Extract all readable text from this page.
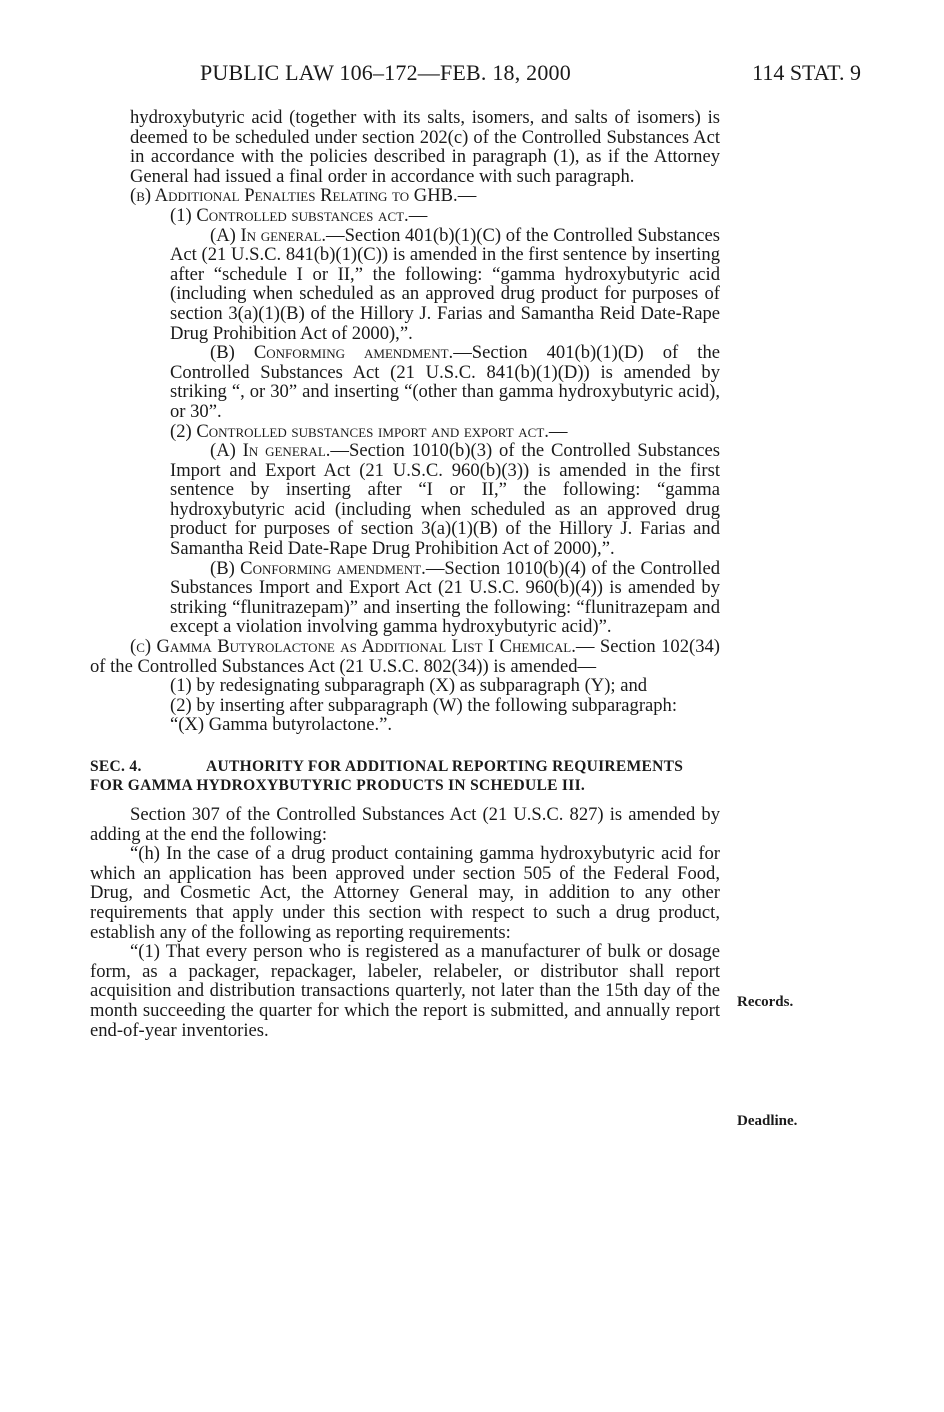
PUBLIC LAW 106–172—FEB. 18, 2000	114 STAT. 9

hydroxybutyric acid (together with its salts, isomers, and salts of isomers) is deemed to be scheduled under section 202(c) of the Controlled Substances Act in accordance with the policies described in paragraph (1), as if the Attorney General had issued a final order in accordance with such paragraph.

(b) Additional Penalties Relating to GHB.—

(1) Controlled substances act.—

(A) In general.—Section 401(b)(1)(C) of the Controlled Substances Act (21 U.S.C. 841(b)(1)(C)) is amended in the first sentence by inserting after “schedule I or II,” the following: “gamma hydroxybutyric acid (including when scheduled as an approved drug product for purposes of section 3(a)(1)(B) of the Hillory J. Farias and Samantha Reid Date-Rape Drug Prohibition Act of 2000),”.

(B) Conforming amendment.—Section 401(b)(1)(D) of the Controlled Substances Act (21 U.S.C. 841(b)(1)(D)) is amended by striking “, or 30” and inserting “(other than gamma hydroxybutyric acid), or 30”.

(2) Controlled substances import and export act.—

(A) In general.—Section 1010(b)(3) of the Controlled Substances Import and Export Act (21 U.S.C. 960(b)(3)) is amended in the first sentence by inserting after “I or II,” the following: “gamma hydroxybutyric acid (including when scheduled as an approved drug product for purposes of section 3(a)(1)(B) of the Hillory J. Farias and Samantha Reid Date-Rape Drug Prohibition Act of 2000),”.

(B) Conforming amendment.—Section 1010(b)(4) of the Controlled Substances Import and Export Act (21 U.S.C. 960(b)(4)) is amended by striking “flunitrazepam)” and inserting the following: “flunitrazepam and except a violation involving gamma hydroxybutyric acid)”.

(c) Gamma Butyrolactone as Additional List I Chemical.— Section 102(34) of the Controlled Substances Act (21 U.S.C. 802(34)) is amended—

(1) by redesignating subparagraph (X) as subparagraph (Y); and

(2) by inserting after subparagraph (W) the following subparagraph:

“(X) Gamma butyrolactone.”.

SEC. 4.	AUTHORITY FOR ADDITIONAL REPORTING REQUIREMENTS FOR GAMMA HYDROXYBUTYRIC PRODUCTS IN SCHEDULE III.

Section 307 of the Controlled Substances Act (21 U.S.C. 827) is amended by adding at the end the following:

“(h) In the case of a drug product containing gamma hydroxybutyric acid for which an application has been approved under section 505 of the Federal Food, Drug, and Cosmetic Act, the Attorney General may, in addition to any other requirements that apply under this section with respect to such a drug product, establish any of the following as reporting requirements:

“(1) That every person who is registered as a manufacturer of bulk or dosage form, as a packager, repackager, labeler, relabeler, or distributor shall report acquisition and distribution transactions quarterly, not later than the 15th day of the month succeeding the quarter for which the report is submitted, and annually report end-of-year inventories.

Records.
Deadline.
